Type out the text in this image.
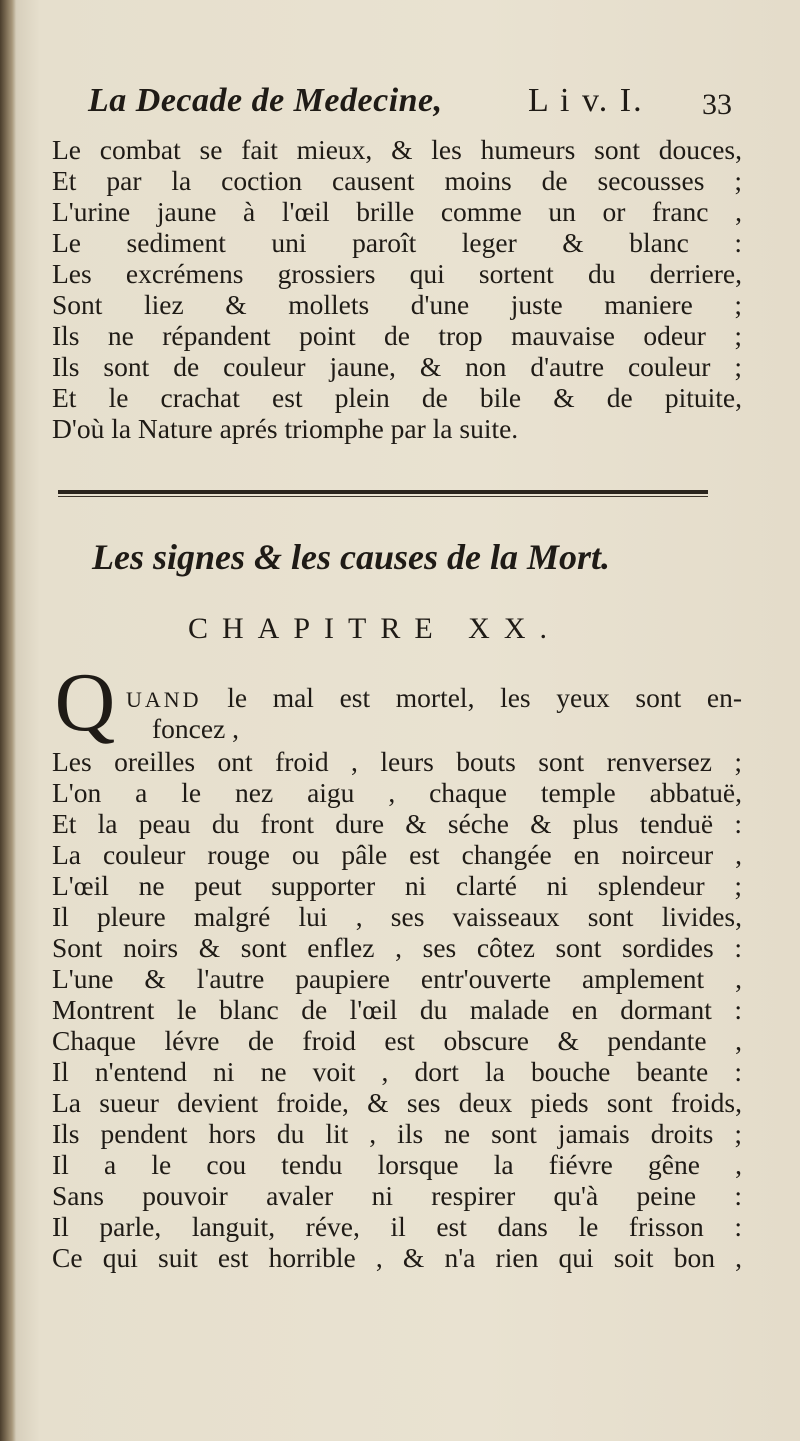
La Decade de Medecine,	L i v. I. 33
Le combat se fait mieux, & les humeurs sont douces,
Et par la coction causent moins de secousses ;
L'urine jaune à l'œil brille comme un or franc ,
Le sediment uni paroît leger & blanc :
Les excrémens grossiers qui sortent du derriere,
Sont liez & mollets d'une juste maniere ;
Ils ne répandent point de trop mauvaise odeur ;
Ils sont de couleur jaune, & non d'autre couleur ;
Et le crachat est plein de bile & de pituite,
D'où la Nature aprés triomphe par la suite.
Les signes & les causes de la Mort.
CHAPITRE XX.
Q UAND le mal est mortel, les yeux sont en-
foncez ,
Les oreilles ont froid , leurs bouts sont renversez ;
L'on a le nez aigu , chaque temple abbatuë,
Et la peau du front dure & séche & plus tenduë :
La couleur rouge ou pâle est changée en noirceur ,
L'œil ne peut supporter ni clarté ni splendeur ;
Il pleure malgré lui , ses vaisseaux sont livides,
Sont noirs & sont enflez , ses côtez sont sordides :
L'une & l'autre paupiere entr'ouverte amplement ,
Montrent le blanc de l'œil du malade en dormant :
Chaque lévre de froid est obscure & pendante ,
Il n'entend ni ne voit , dort la bouche beante :
La sueur devient froide, & ses deux pieds sont froids,
Ils pendent hors du lit , ils ne sont jamais droits ;
Il a le cou tendu lorsque la fiévre gêne ,
Sans pouvoir avaler ni respirer qu'à peine :
Il parle, languit, réve, il est dans le frisson :
Ce qui suit est horrible , & n'a rien qui soit bon ,
